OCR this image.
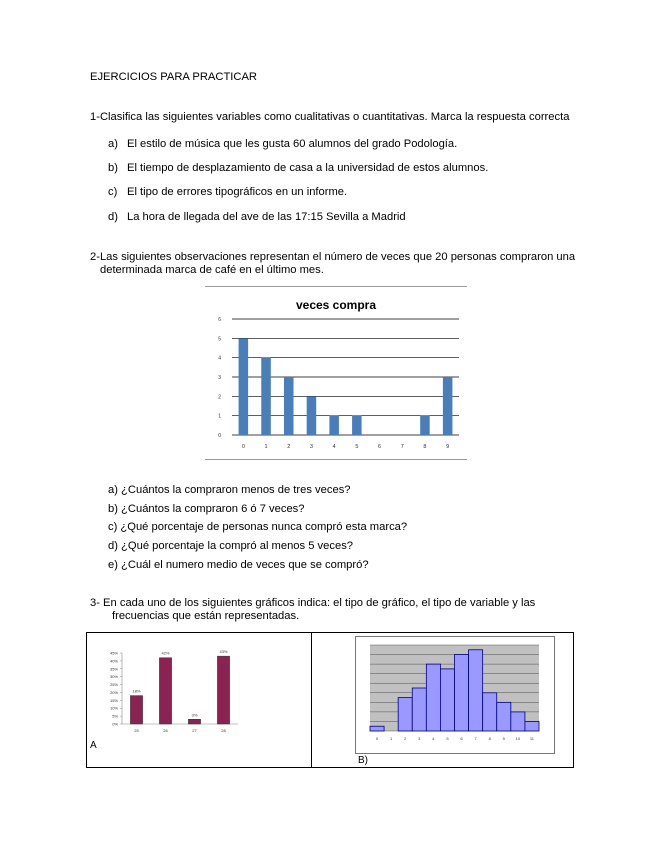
EJERCICIOS PARA PRACTICAR
1-Clasifica las siguientes variables como cualitativas o cuantitativas. Marca la respuesta correcta
a) El estilo de música que les gusta 60 alumnos del grado Podología.
b) El tiempo de desplazamiento de casa a la universidad de estos alumnos.
c) El tipo de errores tipográficos en un informe.
d) La hora de llegada del ave de las 17:15 Sevilla a Madrid
2-Las siguientes observaciones representan el número de veces que 20 personas compraron una
determinada marca de café en el último mes.
veces compra
0
1
2
3
4
5
6
0	1	2	3	4	5	6	7	8	9
a) ¿Cuántos la compraron menos de tres veces?
b) ¿Cuántos la compraron 6 ó 7 veces?
c) ¿Qué porcentaje de personas nunca compró esta marca?
d) ¿Qué porcentaje la compró al menos 5 veces?
e) ¿Cuál el numero medio de veces que se compró?
3- En cada uno de los siguientes gráficos indica: el tipo de gráfico, el tipo de variable y las
frecuencias que están representadas.
0%
5%
10%
15%
20%
25%
30%
35%
40%
45%
25	26	27	28
18%
42%
3%
43%
A
0	1	2	3	4	5	6	7	8	9	10 11
B)
